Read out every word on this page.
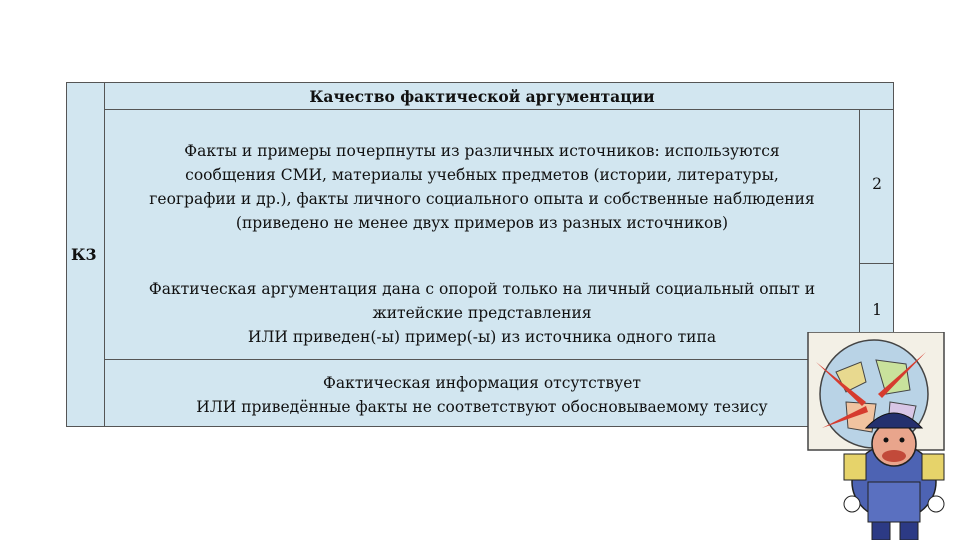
К3
Качество фактической аргументации
Факты и примеры почерпнуты из различных источников: используются
сообщения СМИ, материалы учебных предметов (истории, литературы,
географии и др.), факты личного социального опыта и собственные наблюдения
(приведено не менее двух примеров из разных источников)
2
Фактическая аргументация дана с опорой только на личный социальный опыт и
житейские представления
ИЛИ приведен(-ы) пример(-ы) из источника одного типа
1
Фактическая информация отсутствует
ИЛИ приведённые факты не соответствуют обосновываемому тезису
